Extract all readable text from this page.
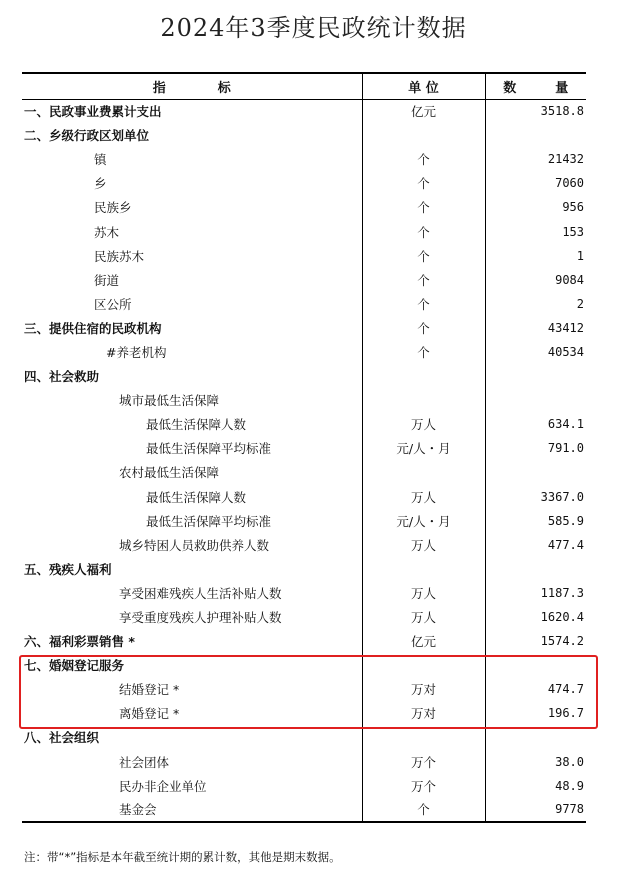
2024年3季度民政统计数据
指　　　　标	单 位	数　　　量
一、民政事业费累计支出	亿元	3518.8
二、乡级行政区划单位		
镇	个	21432
乡	个	7060
民族乡	个	956
苏木	个	153
民族苏木	个	1
街道	个	9084
区公所	个	2
三、提供住宿的民政机构	个	43412
#养老机构	个	40534
四、社会救助		
城市最低生活保障		
最低生活保障人数	万人	634.1
最低生活保障平均标准	元/人・月	791.0
农村最低生活保障		
最低生活保障人数	万人	3367.0
最低生活保障平均标准	元/人・月	585.9
城乡特困人员救助供养人数	万人	477.4
五、残疾人福利		
享受困难残疾人生活补贴人数	万人	1187.3
享受重度残疾人护理补贴人数	万人	1620.4
六、福利彩票销售 *	亿元	1574.2
七、婚姻登记服务		
结婚登记 *	万对	474.7
离婚登记 *	万对	196.7
八、社会组织		
社会团体	万个	38.0
民办非企业单位	万个	48.9
基金会	个	9778
注：带“*”指标是本年截至统计期的累计数，其他是期末数据。
